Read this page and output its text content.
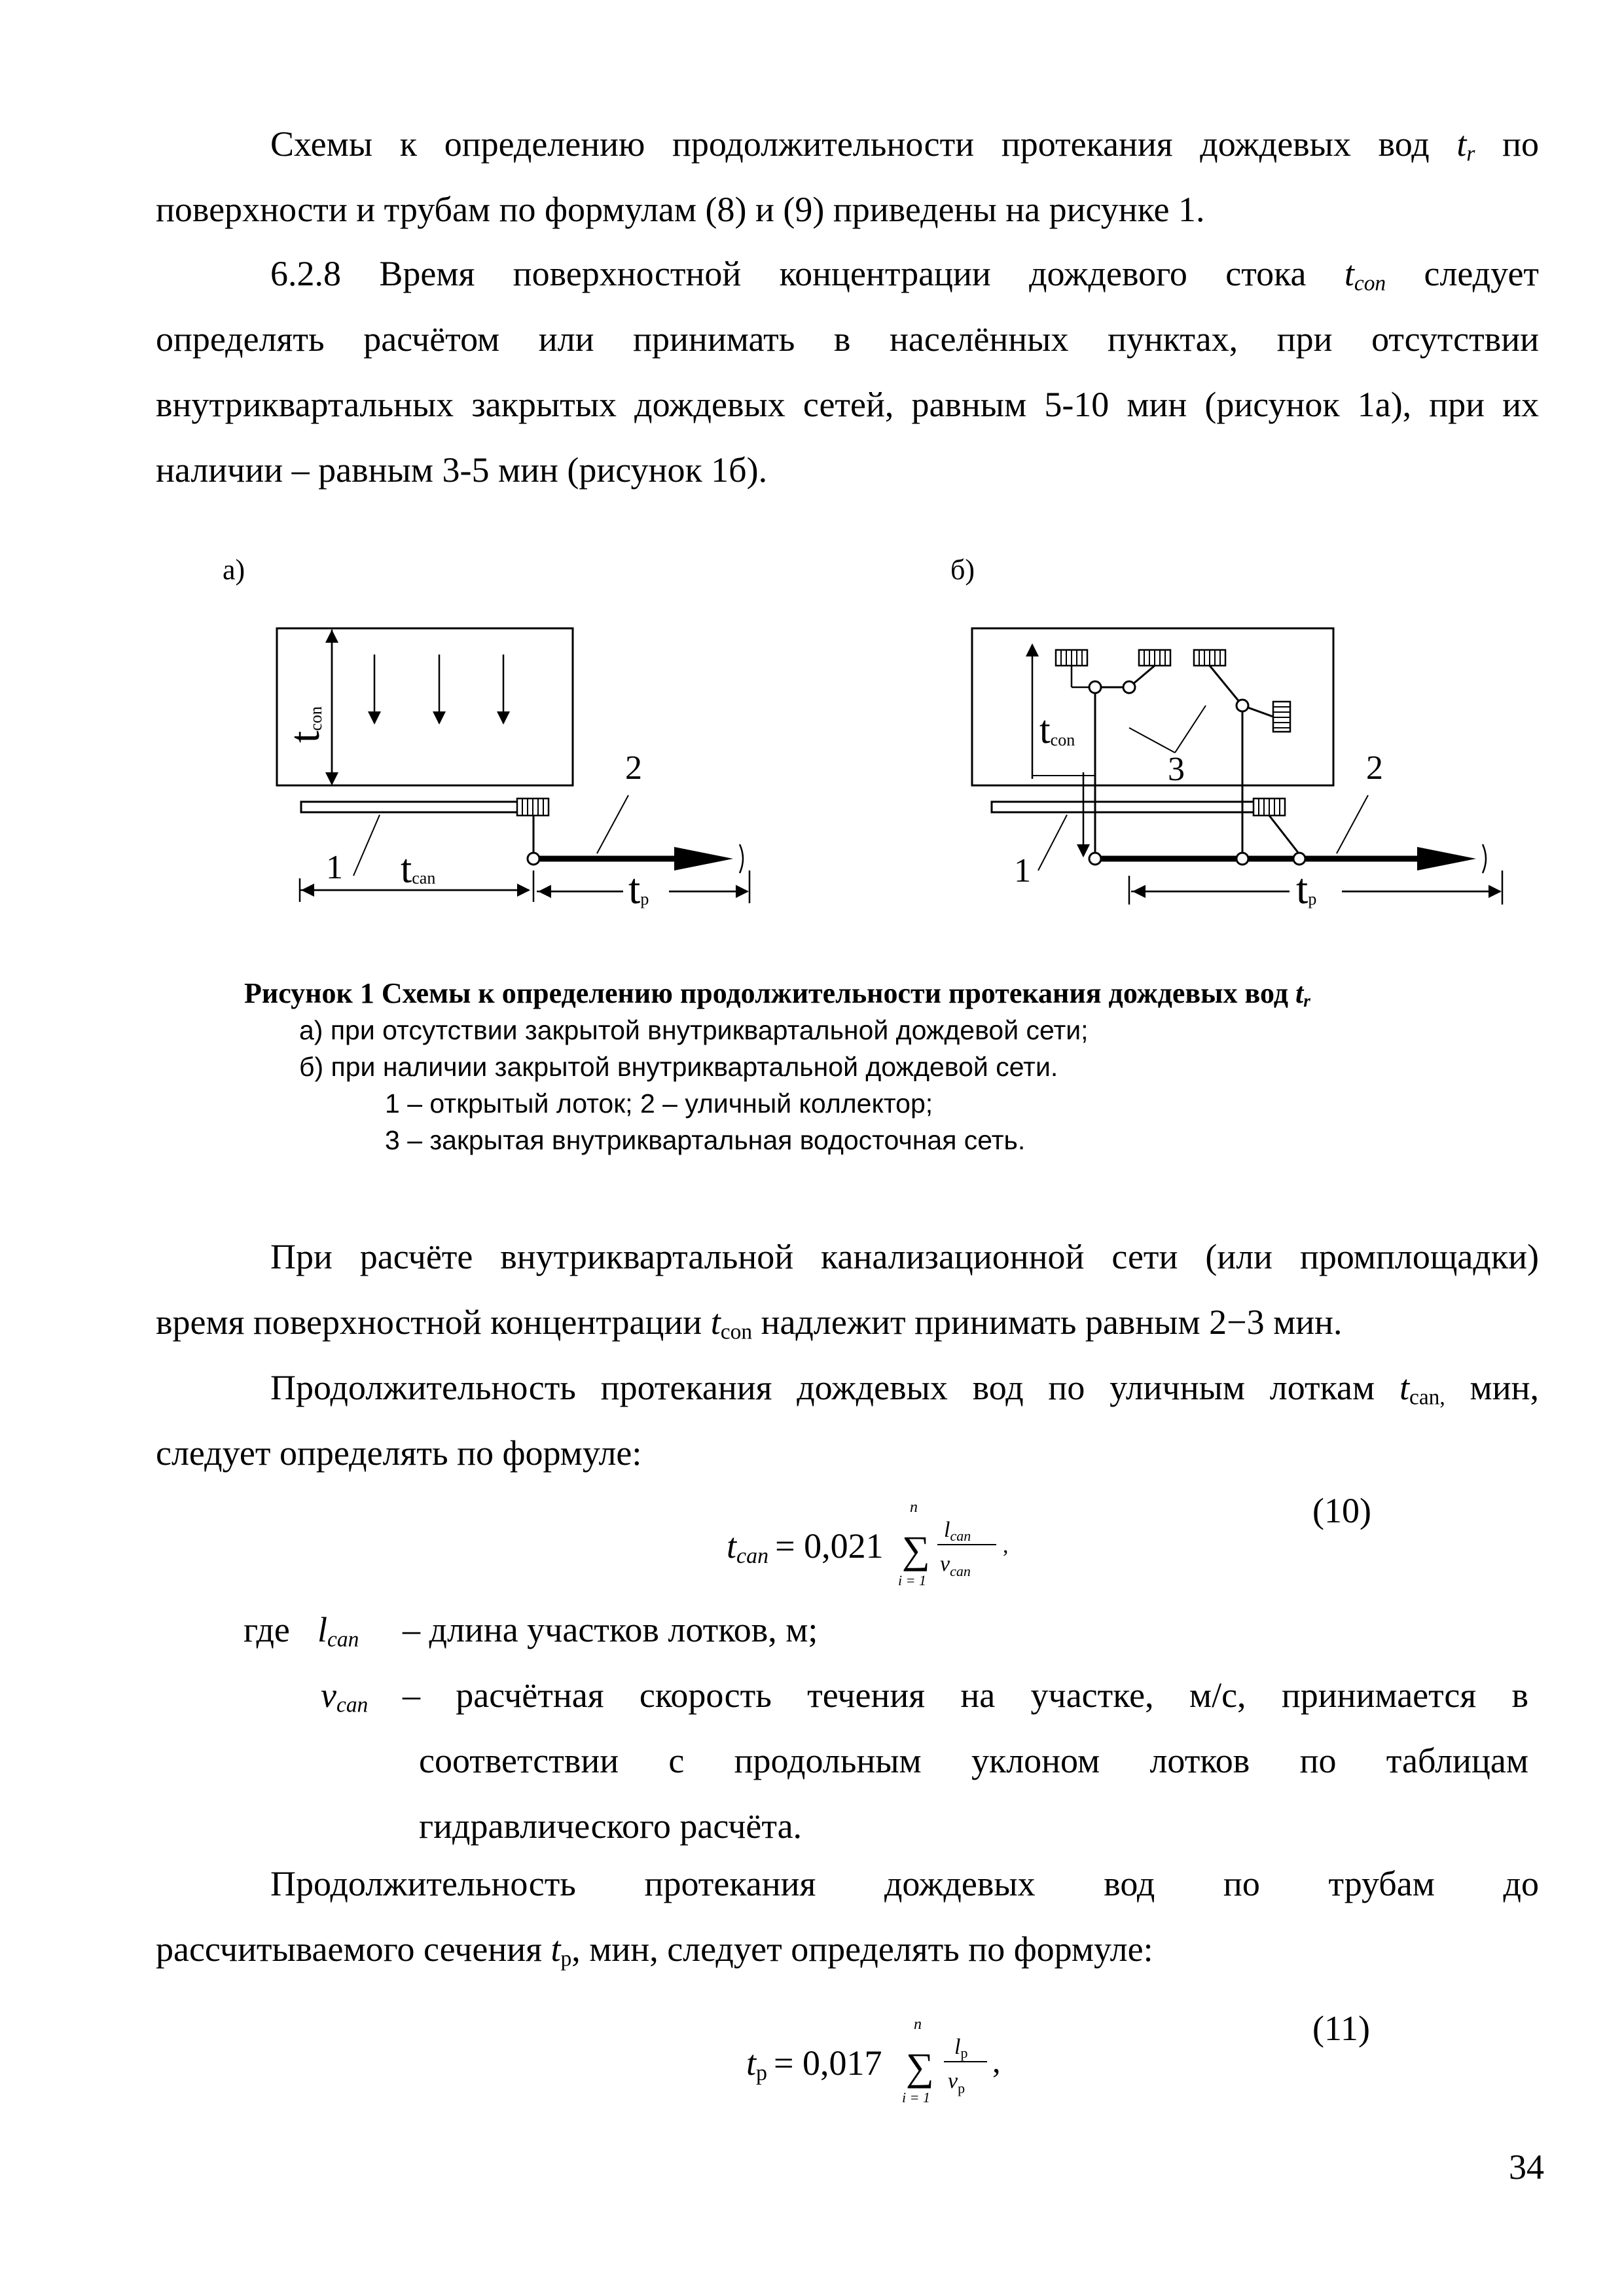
Схемы к определению продолжительности протекания дождевых вод $t_r$ по
поверхности и трубам по формулам (8) и (9) приведены на рисунке 1.
6.2.8 Время поверхностной концентрации дождевого стока $t_{con}$ следует
определять расчётом или принимать в населённых пунктах, при отсутствии
внутриквартальных закрытых дождевых сетей, равным 5-10 мин (рисунок 1а), при их
наличии – равным 3-5 мин (рисунок 1б).
а)	б)
tcon
2
1 tcan	tp
tcon
3
1
2
tp
Рисунок 1 Схемы к определению продолжительности протекания дождевых вод $t_r$
а) при отсутствии закрытой внутриквартальной дождевой сети;
б) при наличии закрытой внутриквартальной дождевой сети.
1 – открытый лоток; 2 – уличный коллектор;
3 – закрытая внутриквартальная водосточная сеть.
При расчёте внутриквартальной канализационной сети (или промплощадки)
время поверхностной концентрации $t_{con}$ надлежит принимать равным 2−3 мин.
Продолжительность протекания дождевых вод по уличным лоткам $t_{can,}$ мин,
следует определять по формуле:
tcan = 0,021
n
∑
i = 1
lcan
$v_{can}$
,
(10)
где $l_{can}$ – длина участков лотков, м;
$v_{can}$ – расчётная скорость течения на участке, м/с, принимается в
соответствии с продольным уклоном лотков по таблицам
гидравлического расчёта.
Продолжительность протекания дождевых вод по трубам до
рассчитываемого сечения $t_р$, мин, следует определять по формуле:
tр = 0,017
n
∑
i = 1
lр
$v_р$
,
(11)
34
